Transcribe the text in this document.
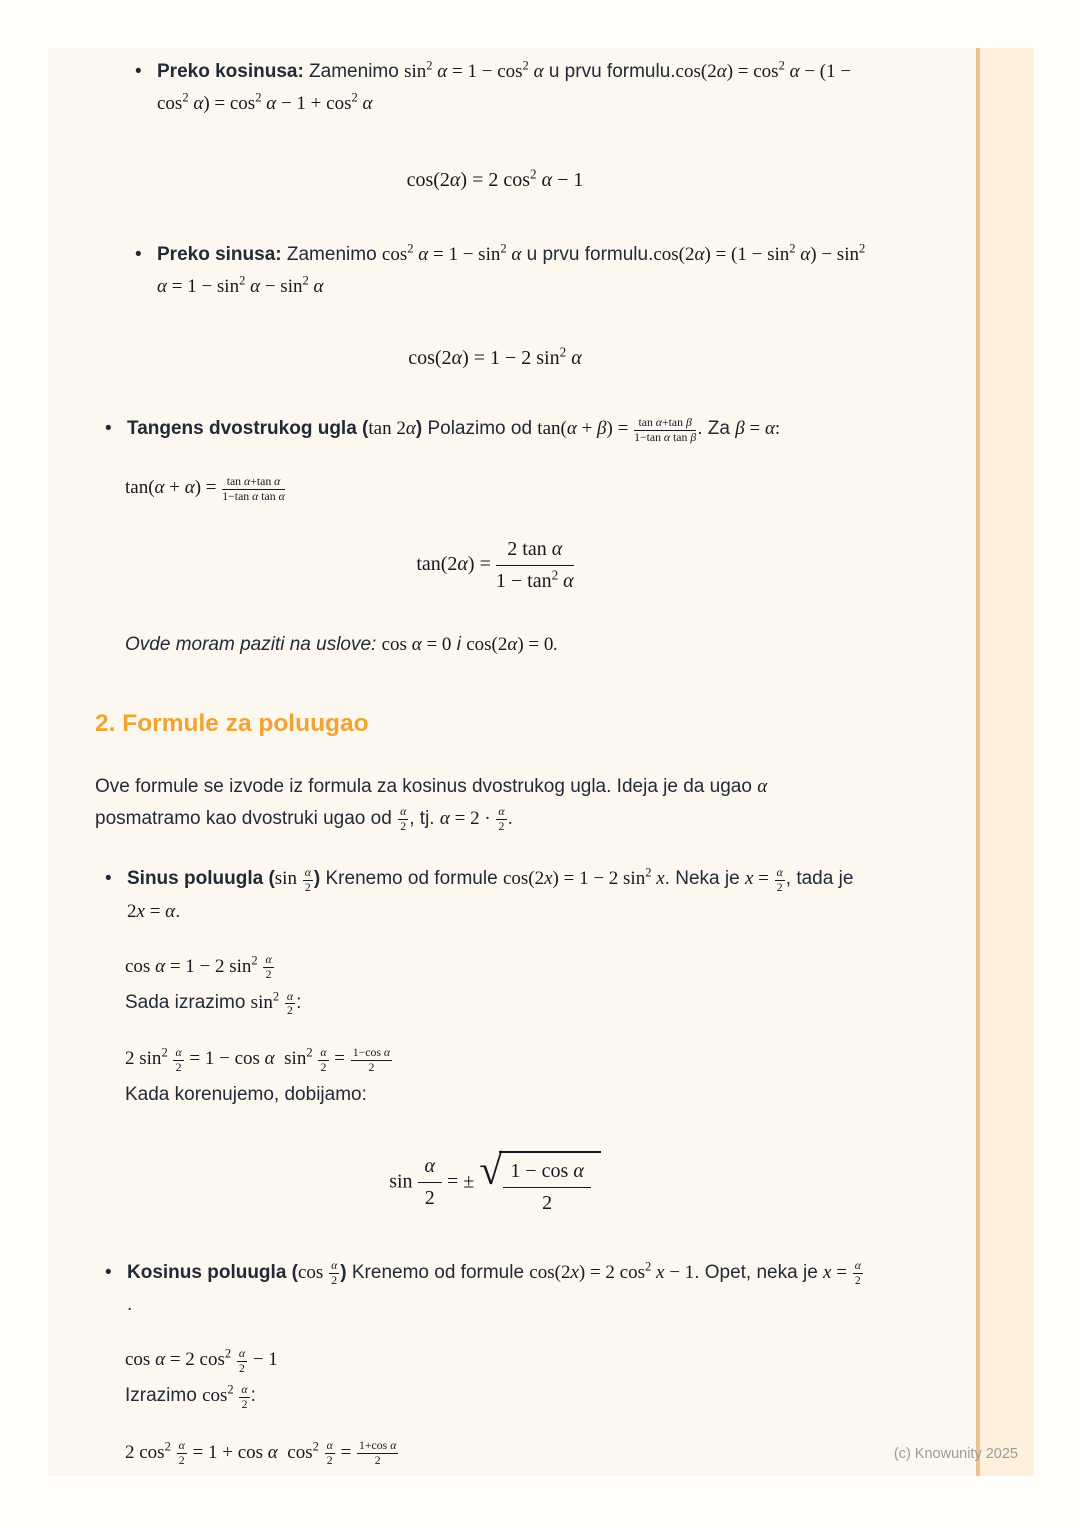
• Preko kosinusa: Zamenimo $\sin^2 \alpha = 1 - \cos^2 \alpha$ u prvu formulu.cos(2α) = $\cos^2 \alpha - (1 - \cos^2 \alpha) = \cos^2 \alpha - 1 + \cos^2 \alpha$
cos(2α) = 2 $\cos^2 \alpha - 1$
• Preko sinusa: Zamenimo $\cos^2 \alpha = 1 - \sin^2 \alpha$ u prvu formulu.cos(2α) = $(1 - \sin^2 \alpha) - \sin^2 \alpha = 1 - \sin^2 \alpha - \sin^2 \alpha$
cos(2α) = 1 − 2 $\sin^2 \alpha$
• Tangens dvostrukog ugla (tan 2α) Polazimo od $\tan(\alpha + \beta) = \frac{\text{tan α+tan β}}{\text{1−tan α tan β}}$ . Za β = α:
$\tan(\alpha + \alpha) = \frac{\text{tan α+tan α}}{\text{1−tan α tan α}}$
$\tan(2\alpha) = \frac{\text{2 tan α}}{1 - \tan^2 \alpha}$
Ovde moram paziti na uslove: cos α = 0 i cos(2α) = 0.
2. Formule za poluugao

Ove formule se izvode iz formula za kosinus dvostrukog ugla. Ideja je da ugao α posmatramo kao dvostruki ugao od $\frac{\alpha}{2}$ , tj. $\alpha = 2 \cdot \frac{\alpha}{2}$ .

• Sinus poluugla ($\sin \frac{\alpha}{2}$ ) Krenemo od formule cos(2x) = 1 − 2 $\sin^2 x$. Neka je $x = \frac{\alpha}{2}$ , tada je 2x = α.
cos α = 1 − 2 $\sin^2 \frac{\alpha}{2}$
Sada izrazimo $\sin^2 \frac{\alpha}{2}$ :
2 $\sin^2 \frac{\alpha}{2} = 1 - \cos \alpha$  $\sin^2 \frac{\alpha}{2} = \frac{\text{1−cos α}}{2}$
Kada korenujemo, dobijamo:
$\sin \frac{\alpha}{2}$ = ± √ $\frac{\text{1 − cos α}}{2}$
• Kosinus poluugla ($\cos \frac{\alpha}{2}$ ) Krenemo od formule cos(2x) = 2 $\cos^2 x - 1$. Opet, neka je $x = \frac{\alpha}{2}$
.
cos α = 2 $\cos^2 \frac{\alpha}{2} - 1$
Izrazimo $\cos^2 \frac{\alpha}{2}$ :
2 $\cos^2 \frac{\alpha}{2} = 1 + \cos \alpha$  $\cos^2 \frac{\alpha}{2} = \frac{\text{1+cos α}}{2}$	(c) Knowunity 2025
